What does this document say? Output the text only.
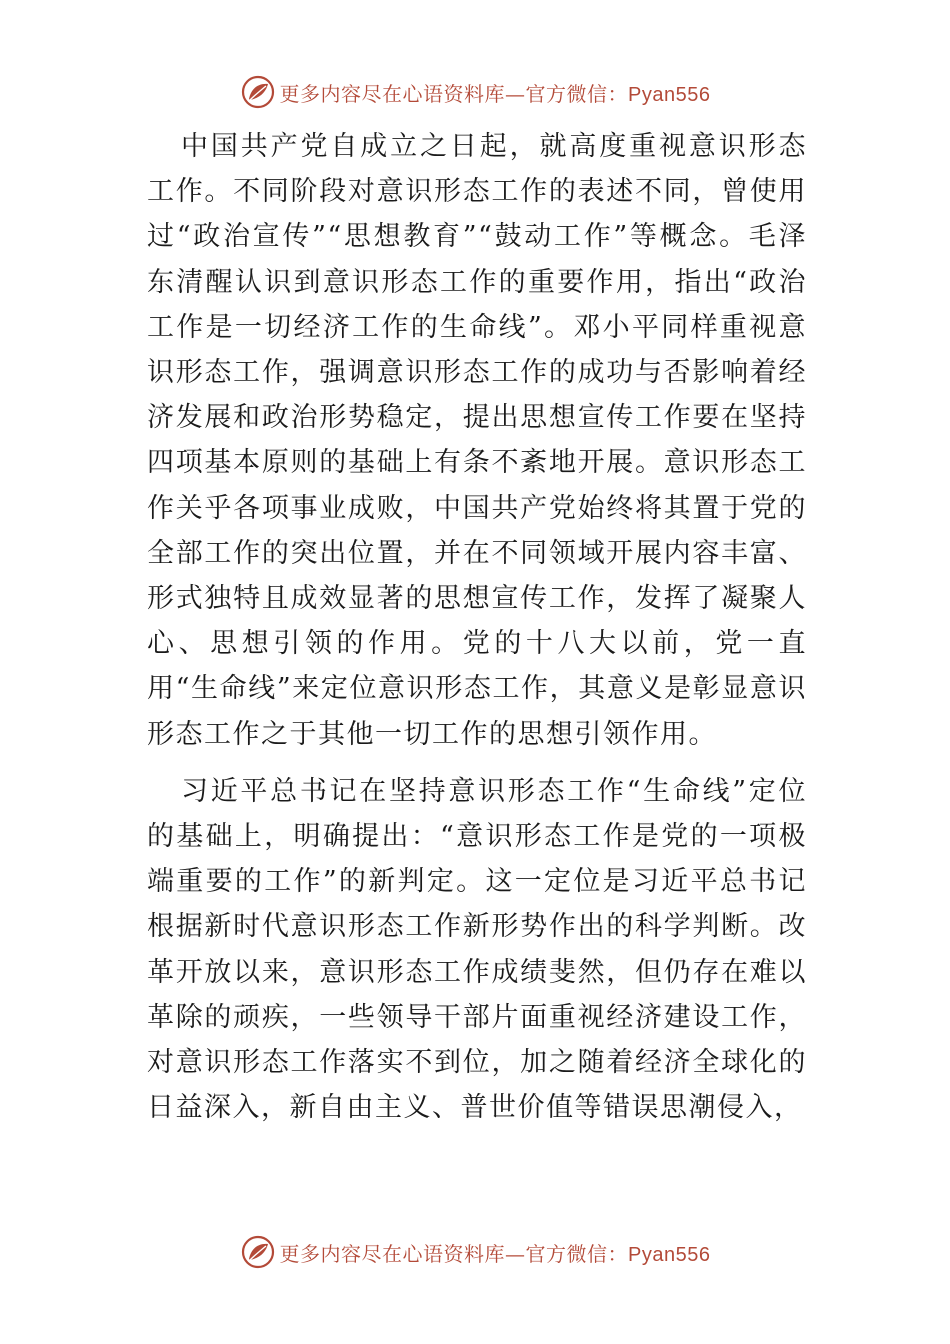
更多内容尽在心语资料库—官方微信：Pyan556

中国共产党自成立之日起，就高度重视意识形态工作。不同阶段对意识形态工作的表述不同，曾使用过“政治宣传”“思想教育”“鼓动工作”等概念。毛泽东清醒认识到意识形态工作的重要作用，指出“政治工作是一切经济工作的生命线”。邓小平同样重视意识形态工作，强调意识形态工作的成功与否影响着经济发展和政治形势稳定，提出思想宣传工作要在坚持四项基本原则的基础上有条不紊地开展。意识形态工作关乎各项事业成败，中国共产党始终将其置于党的全部工作的突出位置，并在不同领域开展内容丰富、形式独特且成效显著的思想宣传工作，发挥了凝聚人心、思想引领的作用。党的十八大以前，党一直用“生命线”来定位意识形态工作，其意义是彰显意识形态工作之于其他一切工作的思想引领作用。

习近平总书记在坚持意识形态工作“生命线”定位的基础上，明确提出：“意识形态工作是党的一项极端重要的工作”的新判定。这一定位是习近平总书记根据新时代意识形态工作新形势作出的科学判断。改革开放以来，意识形态工作成绩斐然，但仍存在难以革除的顽疾，一些领导干部片面重视经济建设工作，对意识形态工作落实不到位，加之随着经济全球化的日益深入，新自由主义、普世价值等错误思潮侵入，

更多内容尽在心语资料库—官方微信：Pyan556
